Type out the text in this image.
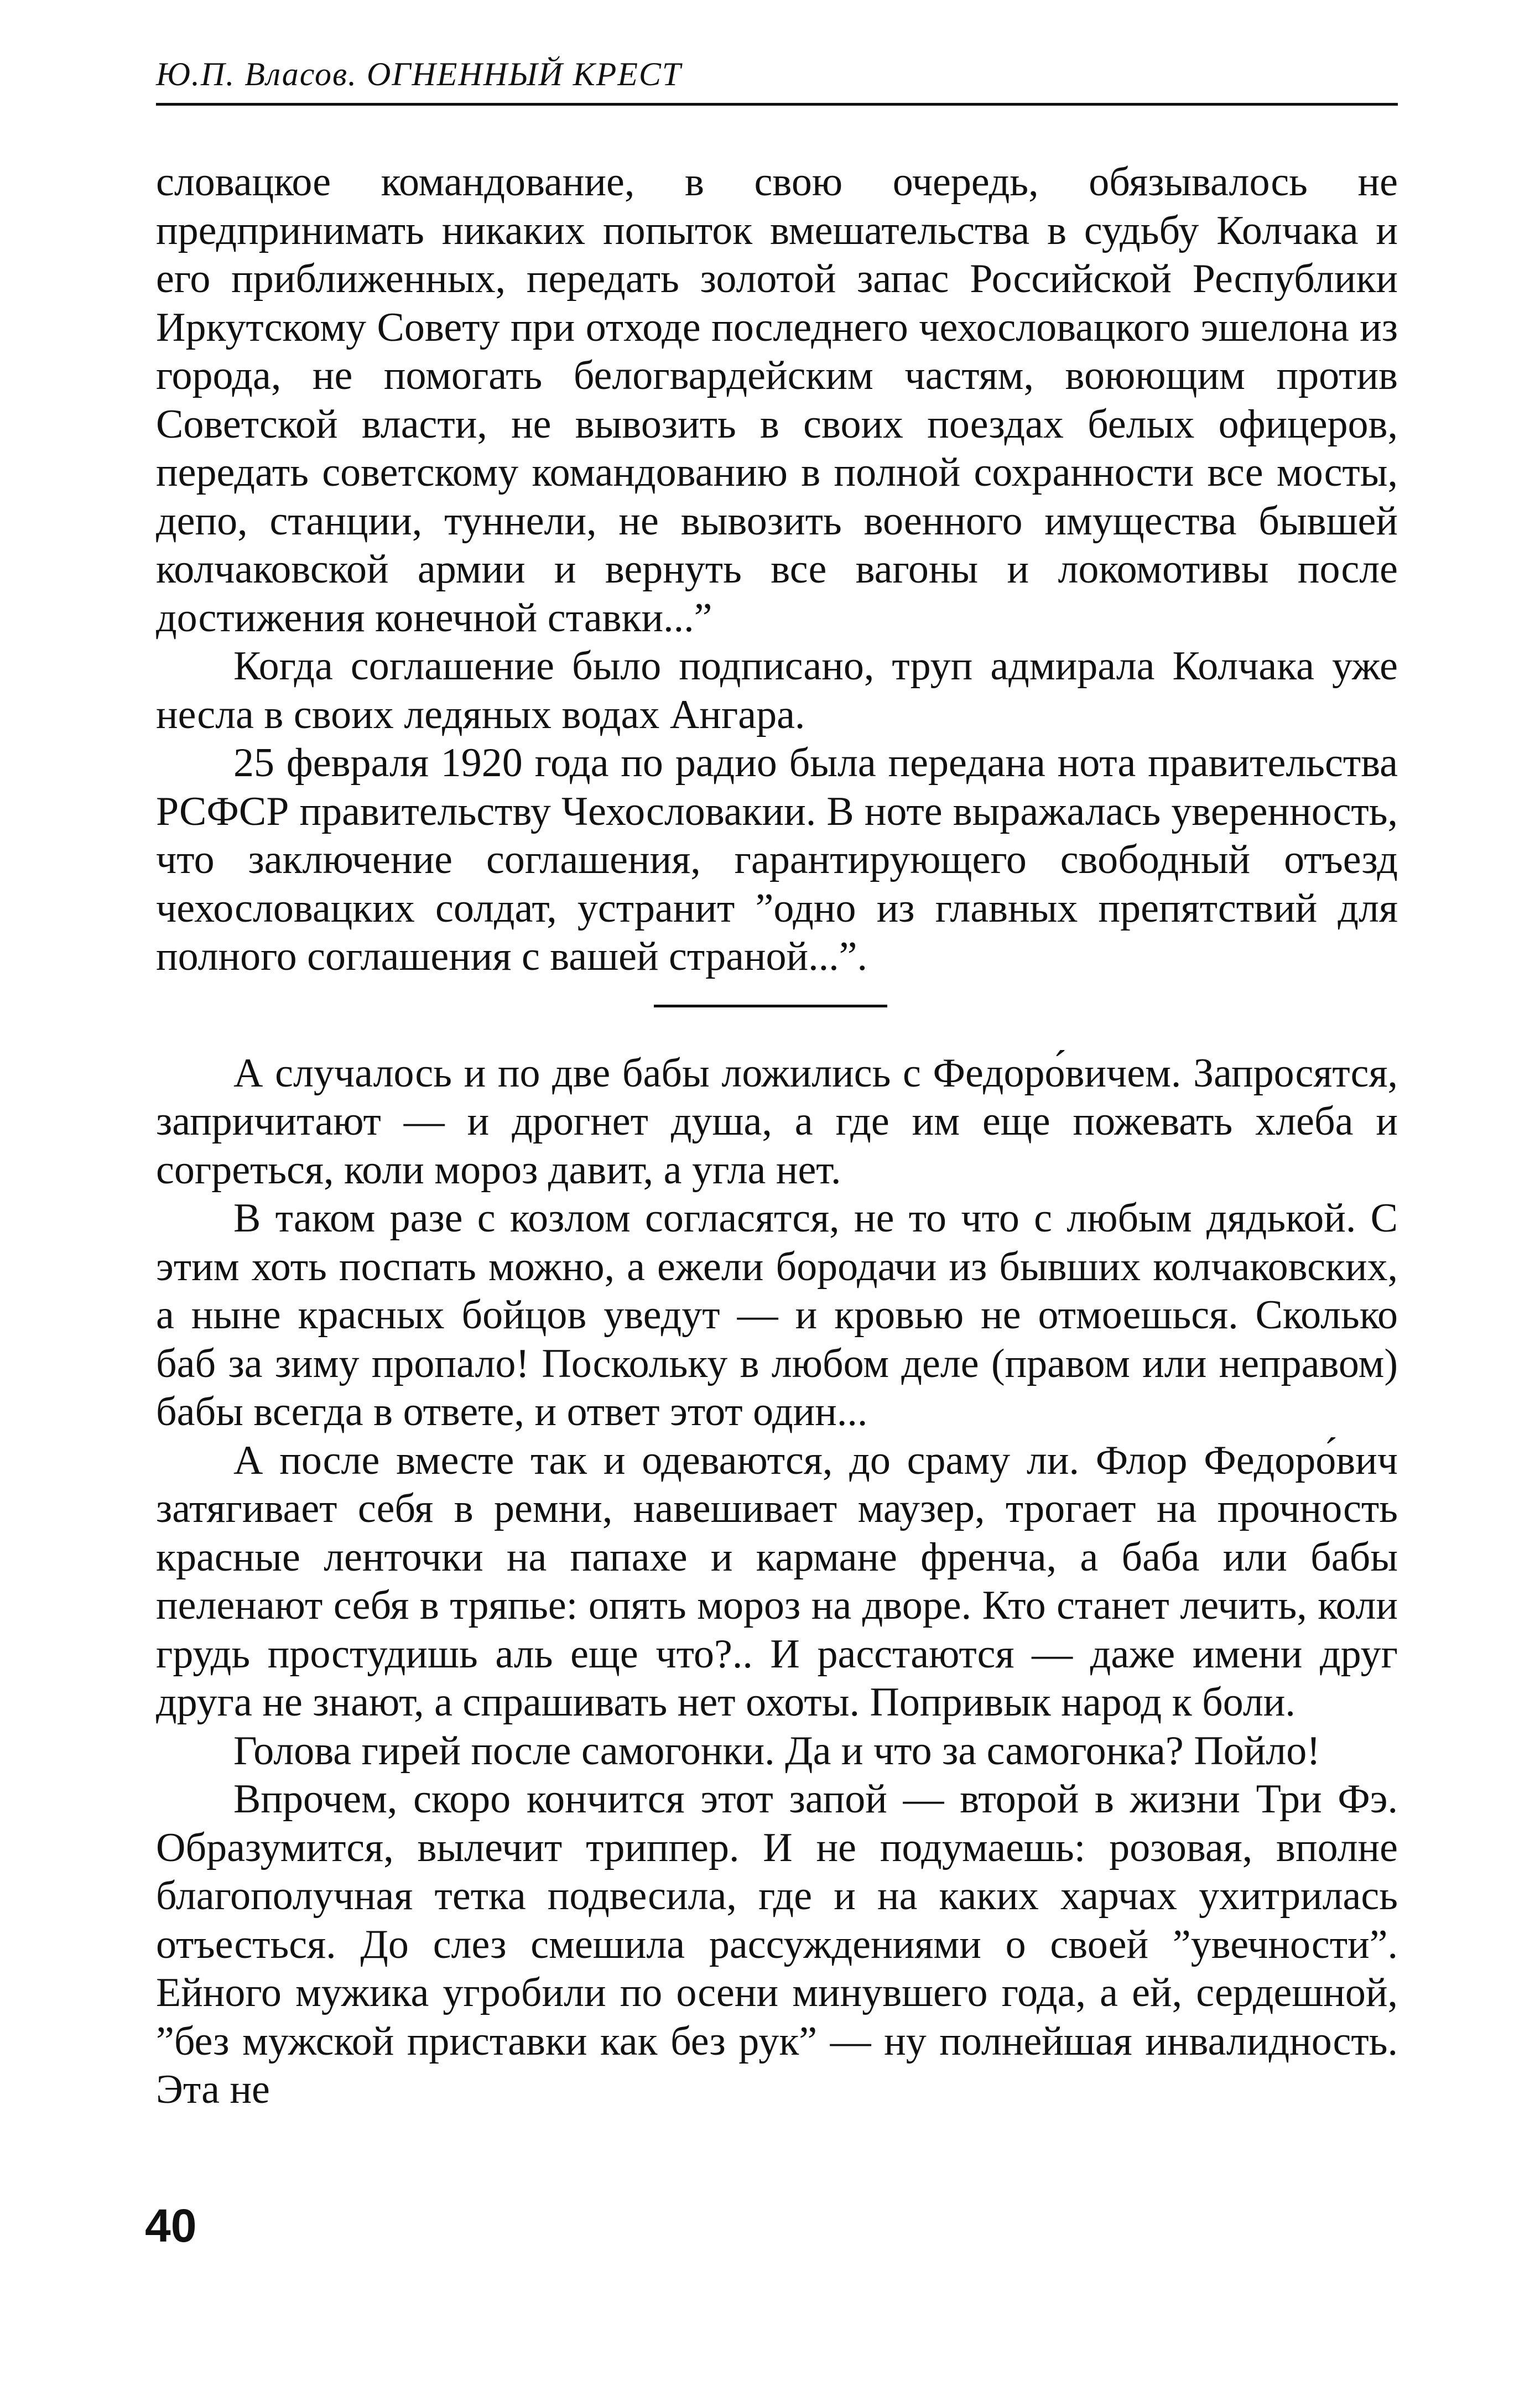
Ю.П. Власов. ОГНЕННЫЙ КРЕСТ

словацкое командование, в свою очередь, обязывалось не предпринимать никаких попыток вмешательства в судьбу Колчака и его приближенных, передать золотой запас Российской Республики Иркутскому Совету при отходе последнего чехословацкого эшелона из города, не помогать белогвардейским частям, воюющим против Советской власти, не вывозить в своих поездах белых офицеров, передать советскому командованию в полной сохранности все мосты, депо, станции, туннели, не вывозить военного имущества бывшей колчаковской армии и вернуть все вагоны и локомотивы после достижения конечной ставки...”

Когда соглашение было подписано, труп адмирала Колчака уже несла в своих ледяных водах Ангара.

25 февраля 1920 года по радио была передана нота правительства РСФСР правительству Чехословакии. В ноте выражалась уверенность, что заключение соглашения, гарантирующего свободный отъезд чехословацких солдат, устранит ”одно из главных препятствий для полного соглашения с вашей страной...”.

А случалось и по две бабы ложились с Федоро́вичем. Запросятся, запричитают — и дрогнет душа, а где им еще пожевать хлеба и согреться, коли мороз давит, а угла нет.

В таком разе с козлом согласятся, не то что с любым дядькой. С этим хоть поспать можно, а ежели бородачи из бывших колчаковских, а ныне красных бойцов уведут — и кровью не отмоешься. Сколько баб за зиму пропало! Поскольку в любом деле (правом или неправом) бабы всегда в ответе, и ответ этот один...

А после вместе так и одеваются, до сраму ли. Флор Федоро́вич затягивает себя в ремни, навешивает маузер, трогает на прочность красные ленточки на папахе и кармане френча, а баба или бабы пеленают себя в тряпье: опять мороз на дворе. Кто станет лечить, коли грудь простудишь аль еще что?.. И расстаются — даже имени друг друга не знают, а спрашивать нет охоты. Попривык народ к боли.

Голова гирей после самогонки. Да и что за самогонка? Пойло!

Впрочем, скоро кончится этот запой — второй в жизни Три Фэ. Образумится, вылечит триппер. И не подумаешь: розовая, вполне благополучная тетка подвесила, где и на каких харчах ухитрилась отъесться. До слез смешила рассуждениями о своей ”увечности”. Ейного мужика угробили по осени минувшего года, а ей, сердешной, ”без мужской приставки как без рук” — ну полнейшая инвалидность. Эта не

40
